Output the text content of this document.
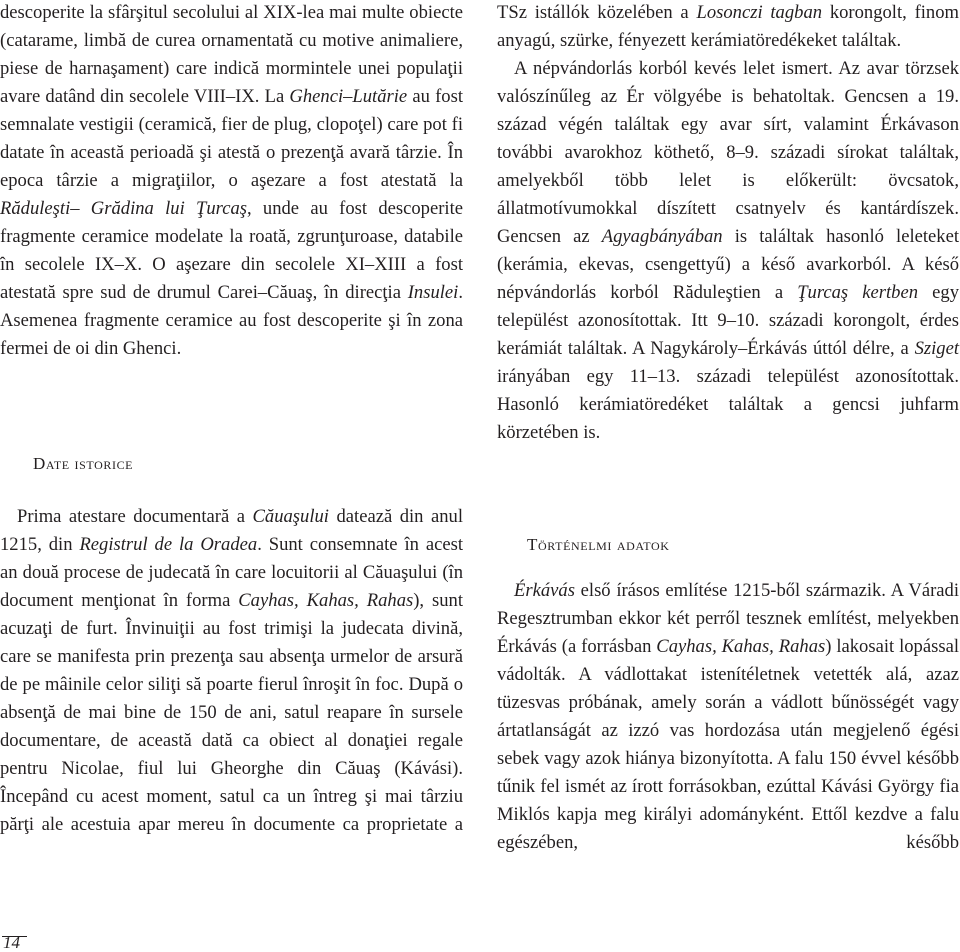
descoperite la sfârşitul secolului al XIX-lea mai multe obiecte (catarame, limbă de curea ornamentată cu motive animaliere, piese de harnaşament) care indică mormintele unei populaţii avare datând din secolele VIII–IX. La Ghenci–Lutărie au fost semnalate vestigii (ceramică, fier de plug, clopoţel) care pot fi datate în această perioadă şi atestă o prezenţă avară târzie. În epoca târzie a migraţiilor, o aşezare a fost atestată la Răduleşti– Grădina lui Ţurcaş, unde au fost descoperite fragmente ceramice modelate la roată, zgrunţuroase, databile în secolele IX–X. O aşezare din secolele XI–XIII a fost atestată spre sud de drumul Carei–Căuaş, în direcţia Insulei. Asemenea fragmente ceramice au fost descoperite şi în zona fermei de oi din Ghenci.

Date istorice

Prima atestare documentară a Căuaşului datează din anul 1215, din Registrul de la Oradea. Sunt consemnate în acest an două procese de judecată în care locuitorii al Căuaşului (în document menţionat în forma Cayhas, Kahas, Rahas), sunt acuzaţi de furt. Învinuiţii au fost trimişi la judecata divină, care se manifesta prin prezenţa sau absenţa urmelor de arsură de pe mâinile celor siliţi să poarte fierul înroşit în foc. După o absenţă de mai bine de 150 de ani, satul reapare în sursele documentare, de această dată ca obiect al donaţiei regale pentru Nicolae, fiul lui Gheorghe din Căuaş (Kávási). Începând cu acest moment, satul ca un întreg şi mai târziu părţi ale acestuia apar mereu în documente ca proprietate a

TSz istállók közelében a Losonczi tagban korongolt, finom anyagú, szürke, fényezett kerámiatöredékeket találtak.

A népvándorlás korból kevés lelet ismert. Az avar törzsek valószínűleg az Ér völgyébe is behatoltak. Gencsen a 19. század végén találtak egy avar sírt, valamint Érkávason további avarokhoz köthető, 8–9. századi sírokat találtak, amelyekből több lelet is előkerült: övcsatok, állatmotívumokkal díszített csatnyelv és kantárdíszek. Gencsen az Agyagbányában is találtak hasonló leleteket (kerámia, ekevas, csengettyű) a késő avarkorból. A késő népvándorlás korból Răduleştien a Ţurcaş kertben egy települést azonosítottak. Itt 9–10. századi korongolt, érdes kerámiát találtak. A Nagykároly–Érkávás úttól délre, a Sziget irányában egy 11–13. századi települést azonosítottak. Hasonló kerámiatöredéket találtak a gencsi juhfarm körzetében is.

Történelmi adatok

Érkávás első írásos említése 1215-ből származik. A Váradi Regesztrumban ekkor két perről tesznek említést, melyekben Érkávás (a forrásban Cayhas, Kahas, Rahas) lakosait lopással vádolták. A vádlottakat istenítéletnek vetették alá, azaz tüzesvas próbának, amely során a vádlott bűnösségét vagy ártatlanságát az izzó vas hordozása után megjelenő égési sebek vagy azok hiánya bizonyította. A falu 150 évvel később tűnik fel ismét az írott forrásokban, ezúttal Kávási György fia Miklós kapja meg királyi adományként. Ettől kezdve a falu egészében, később

14
